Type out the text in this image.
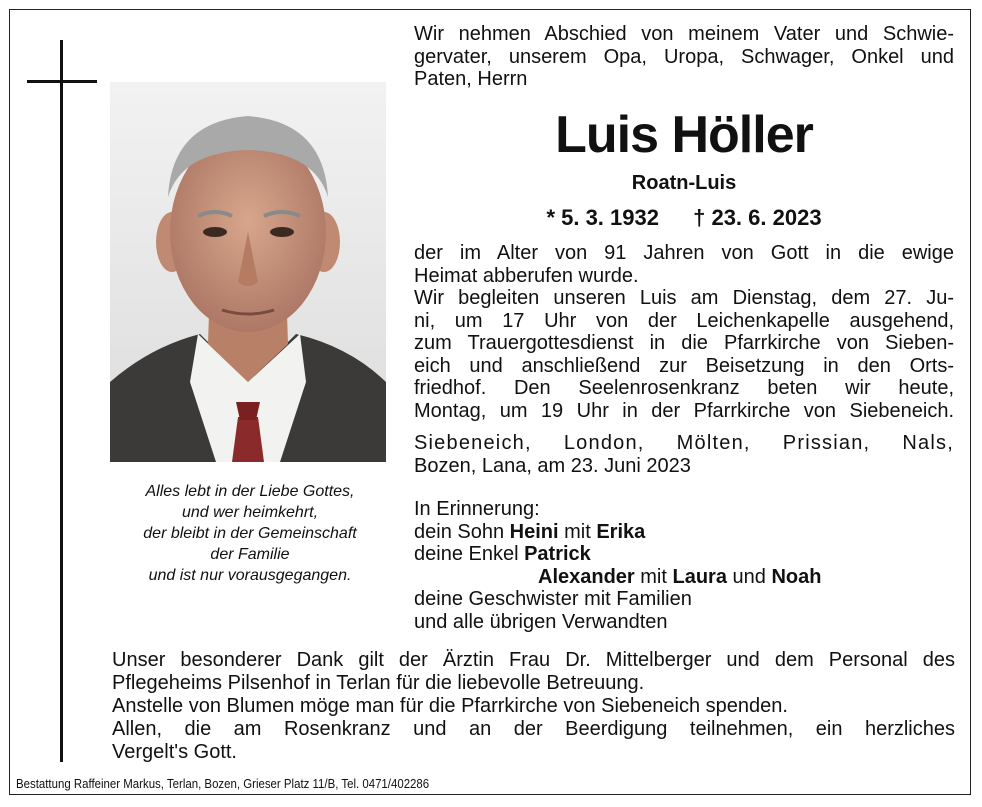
Alles lebt in der Liebe Gottes,
und wer heimkehrt,
der bleibt in der Gemeinschaft
der Familie
und ist nur vorausgegangen.
Wir nehmen Abschied von meinem Vater und Schwie-
gervater, unserem Opa, Uropa, Schwager, Onkel und
Paten, Herrn
Luis Höller
Roatn-Luis
* 5. 3. 1932 † 23. 6. 2023
der im Alter von 91 Jahren von Gott in die ewige
Heimat abberufen wurde.
Wir begleiten unseren Luis am Dienstag, dem 27. Ju-
ni, um 17 Uhr von der Leichenkapelle ausgehend,
zum Trauergottesdienst in die Pfarrkirche von Sieben-
eich und anschließend zur Beisetzung in den Orts-
friedhof. Den Seelenrosenkranz beten wir heute,
Montag, um 19 Uhr in der Pfarrkirche von Siebeneich.
Siebeneich, London, Mölten, Prissian, Nals,
Bozen, Lana, am 23. Juni 2023
In Erinnerung:
dein Sohn Heini mit Erika
deine Enkel Patrick
Alexander mit Laura und Noah
deine Geschwister mit Familien
und alle übrigen Verwandten
Unser besonderer Dank gilt der Ärztin Frau Dr. Mittelberger und dem Personal des
Pflegeheims Pilsenhof in Terlan für die liebevolle Betreuung.
Anstelle von Blumen möge man für die Pfarrkirche von Siebeneich spenden.
Allen, die am Rosenkranz und an der Beerdigung teilnehmen, ein herzliches
Vergelt's Gott.
Bestattung Raffeiner Markus, Terlan, Bozen, Grieser Platz 11/B, Tel. 0471/402286
